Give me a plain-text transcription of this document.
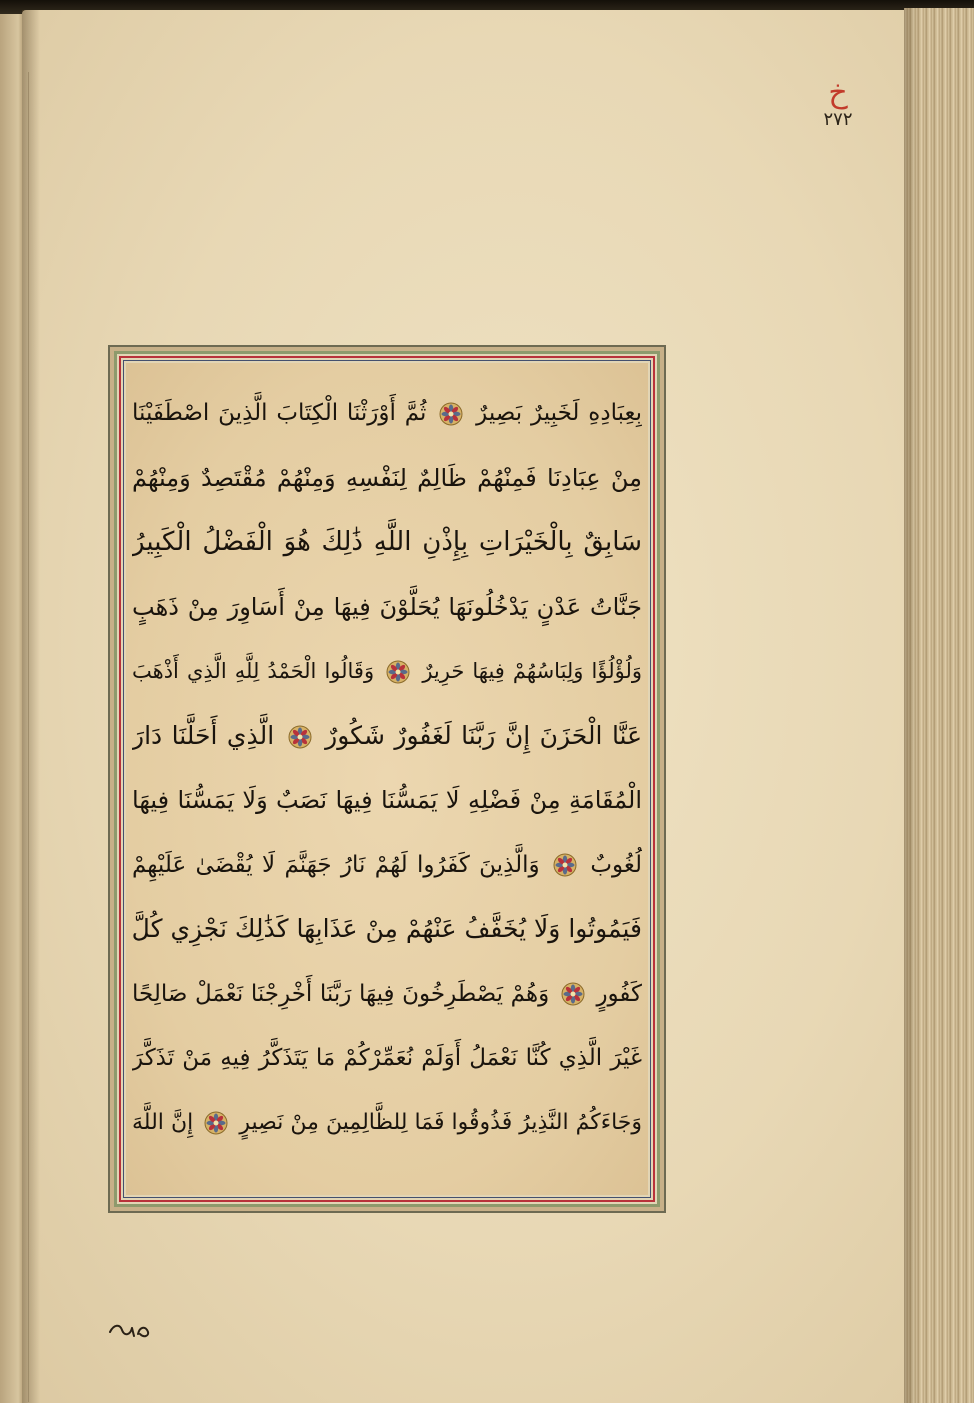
خ
٢٧٢
بِعِبَادِهِ لَخَبِيرٌ بَصِيرٌ  ثُمَّ أَوْرَثْنَا الْكِتَابَ الَّذِينَ اصْطَفَيْنَا
مِنْ عِبَادِنَا فَمِنْهُمْ ظَالِمٌ لِنَفْسِهِ وَمِنْهُمْ مُقْتَصِدٌ وَمِنْهُمْ
سَابِقٌ بِالْخَيْرَاتِ بِإِذْنِ اللَّهِ ذَٰلِكَ هُوَ الْفَضْلُ الْكَبِيرُ
جَنَّاتُ عَدْنٍ يَدْخُلُونَهَا يُحَلَّوْنَ فِيهَا مِنْ أَسَاوِرَ مِنْ ذَهَبٍ
وَلُؤْلُؤًا وَلِبَاسُهُمْ فِيهَا حَرِيرٌ  وَقَالُوا الْحَمْدُ لِلَّهِ الَّذِي أَذْهَبَ
عَنَّا الْحَزَنَ إِنَّ رَبَّنَا لَغَفُورٌ شَكُورٌ  الَّذِي أَحَلَّنَا دَارَ
الْمُقَامَةِ مِنْ فَضْلِهِ لَا يَمَسُّنَا فِيهَا نَصَبٌ وَلَا يَمَسُّنَا فِيهَا
لُغُوبٌ  وَالَّذِينَ كَفَرُوا لَهُمْ نَارُ جَهَنَّمَ لَا يُقْضَىٰ عَلَيْهِمْ
فَيَمُوتُوا وَلَا يُخَفَّفُ عَنْهُمْ مِنْ عَذَابِهَا كَذَٰلِكَ نَجْزِي كُلَّ
كَفُورٍ  وَهُمْ يَصْطَرِخُونَ فِيهَا رَبَّنَا أَخْرِجْنَا نَعْمَلْ صَالِحًا
غَيْرَ الَّذِي كُنَّا نَعْمَلُ أَوَلَمْ نُعَمِّرْكُمْ مَا يَتَذَكَّرُ فِيهِ مَنْ تَذَكَّرَ
وَجَاءَكُمُ النَّذِيرُ فَذُوقُوا فَمَا لِلظَّالِمِينَ مِنْ نَصِيرٍ  إِنَّ اللَّهَ
